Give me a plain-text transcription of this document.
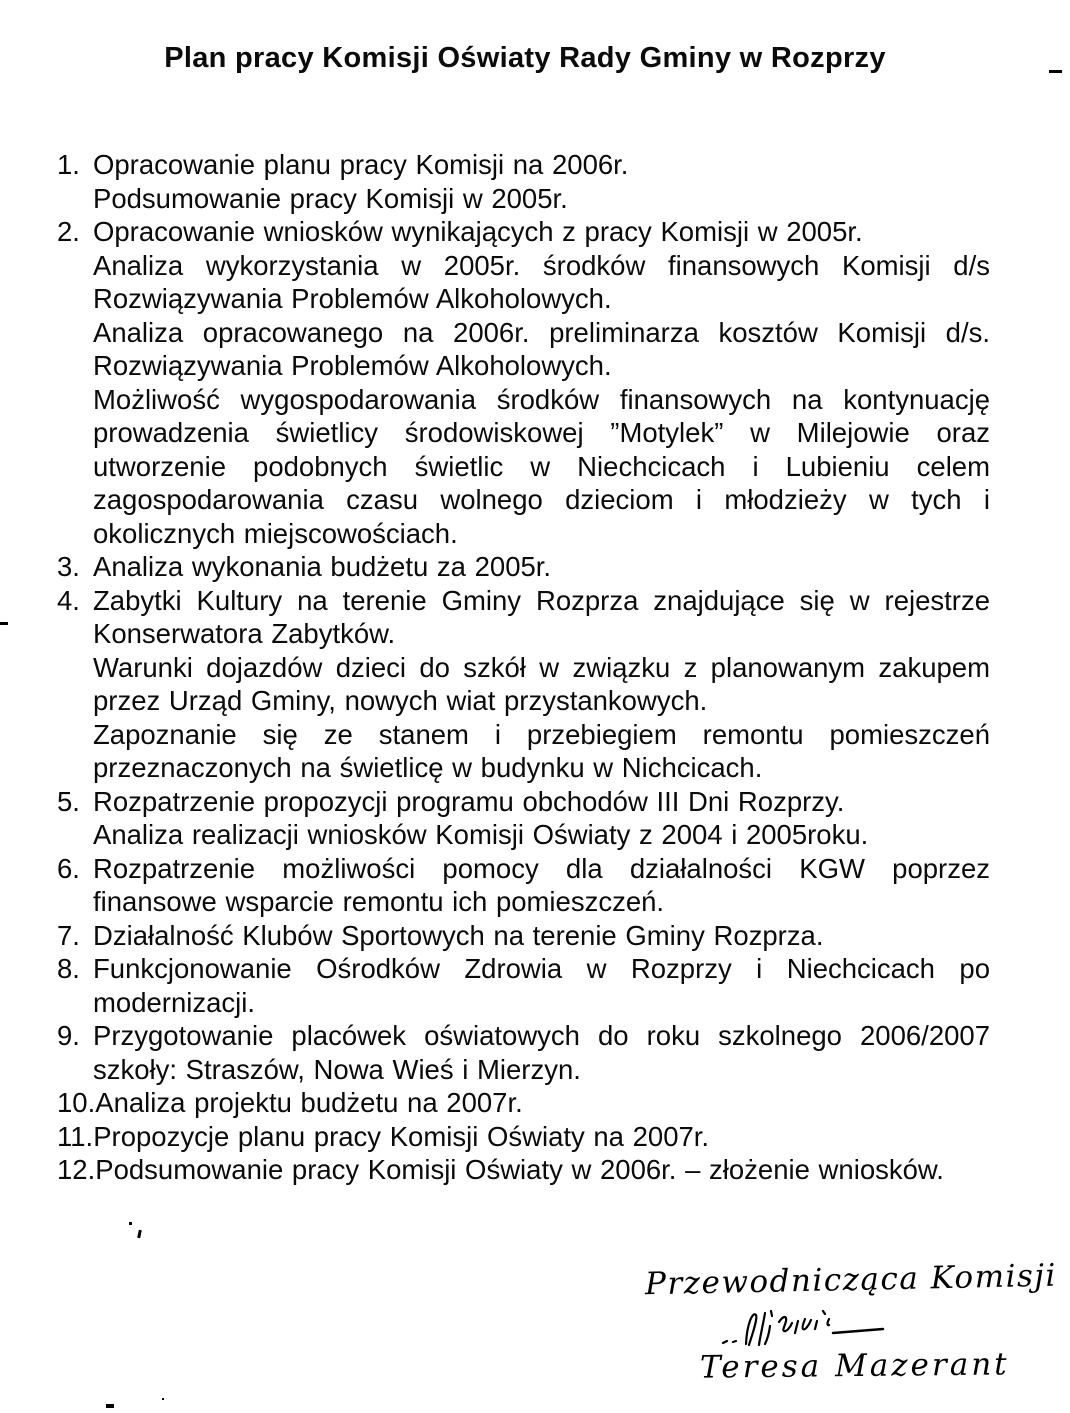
Plan pracy Komisji Oświaty Rady Gminy w Rozprzy
1. Opracowanie planu pracy Komisji na 2006r.
Podsumowanie pracy Komisji w 2005r.
2. Opracowanie wniosków wynikających z pracy Komisji w 2005r.
Analiza wykorzystania w 2005r. środków finansowych Komisji d/s
Rozwiązywania Problemów Alkoholowych.
Analiza opracowanego na 2006r. preliminarza kosztów Komisji d/s.
Rozwiązywania Problemów Alkoholowych.
Możliwość wygospodarowania środków finansowych na kontynuację
prowadzenia świetlicy środowiskowej ”Motylek” w Milejowie oraz
utworzenie podobnych świetlic w Niechcicach i Lubieniu celem
zagospodarowania czasu wolnego dzieciom i młodzieży w tych i
okolicznych miejscowościach.
3. Analiza wykonania budżetu za 2005r.
4. Zabytki Kultury na terenie Gminy Rozprza znajdujące się w rejestrze
Konserwatora Zabytków.
Warunki dojazdów dzieci do szkół w związku z planowanym zakupem
przez Urząd Gminy, nowych wiat przystankowych.
Zapoznanie się ze stanem i przebiegiem remontu pomieszczeń
przeznaczonych na świetlicę w budynku w Nichcicach.
5. Rozpatrzenie propozycji programu obchodów III Dni Rozprzy.
Analiza realizacji wniosków Komisji Oświaty z 2004 i 2005roku.
6. Rozpatrzenie możliwości pomocy dla działalności KGW poprzez
finansowe wsparcie remontu ich pomieszczeń.
7. Działalność Klubów Sportowych na terenie Gminy Rozprza.
8. Funkcjonowanie Ośrodków Zdrowia w Rozprzy i Niechcicach po
modernizacji.
9. Przygotowanie placówek oświatowych do roku szkolnego 2006/2007
szkoły: Straszów, Nowa Wieś i Mierzyn.
10. Analiza projektu budżetu na 2007r.
11. Propozycje planu pracy Komisji Oświaty na 2007r.
12. Podsumowanie pracy Komisji Oświaty w 2006r. – złożenie wniosków.
Przewodnicząca Komisji
Teresa Mazerant
